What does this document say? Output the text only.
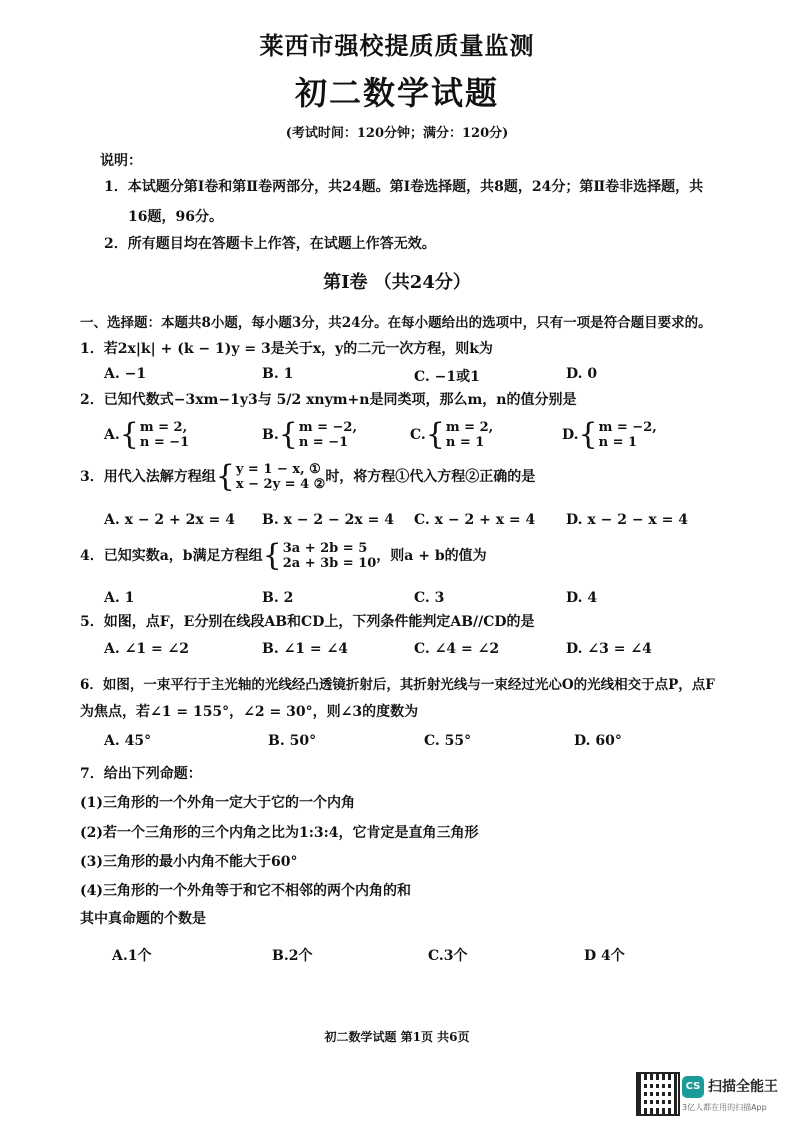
莱西市强校提质质量监测
初二数学试题
(考试时间：120分钟；满分：120分)
说明：
1．本试题分第Ⅰ卷和第Ⅱ卷两部分，共24题。第Ⅰ卷选择题，共8题，24分；第Ⅱ卷非选择题，共
16题，96分。
2．所有题目均在答题卡上作答，在试题上作答无效。
第Ⅰ卷 （共24分）
一、选择题：本题共8小题，每小题3分，共24分。在每小题给出的选项中，只有一项是符合题目要求的。
1．若2x|k| + (k − 1)y = 3是关于x，y的二元一次方程，则k为
A. −1	B. 1	C. −1或1	D. 0
2．已知代数式−3xm−1y3与 5/2 xnym+n是同类项，那么m，n的值分别是
A.{m = 2,
n = −1	B.{m = −2,
n = −1	C.{m = 2,
n = 1	D.{m = −2,
n = 1
3．用代入法解方程组{y = 1 − x, ①
x − 2y = 4 ②时，将方程①代入方程②正确的是
A. x − 2 + 2x = 4 B. x − 2 − 2x = 4 C. x − 2 + x = 4 D. x − 2 − x = 4
4．已知实数a，b满足方程组{3a + 2b = 5
2a + 3b = 10，则a + b的值为
A. 1	B. 2	C. 3	D. 4
5．如图，点F，E分别在线段AB和CD上，下列条件能判定AB//CD的是
A. ∠1 = ∠2	B. ∠1 = ∠4	C. ∠4 = ∠2	D. ∠3 = ∠4
6．如图，一束平行于主光轴的光线经凸透镜折射后，其折射光线与一束经过光心O的光线相交于点P，点F
为焦点，若∠1 = 155°，∠2 = 30°，则∠3的度数为
A. 45°	B. 50°	C. 55°	D. 60°
7．给出下列命题：
(1)三角形的一个外角一定大于它的一个内角
(2)若一个三角形的三个内角之比为1:3:4，它肯定是直角三角形
(3)三角形的最小内角不能大于60°
(4)三角形的一个外角等于和它不相邻的两个内角的和
其中真命题的个数是
A.1个	B.2个	C.3个	D 4个
初二数学试题 第1页 共6页
CS 扫描全能王
3亿人都在用的扫描App
